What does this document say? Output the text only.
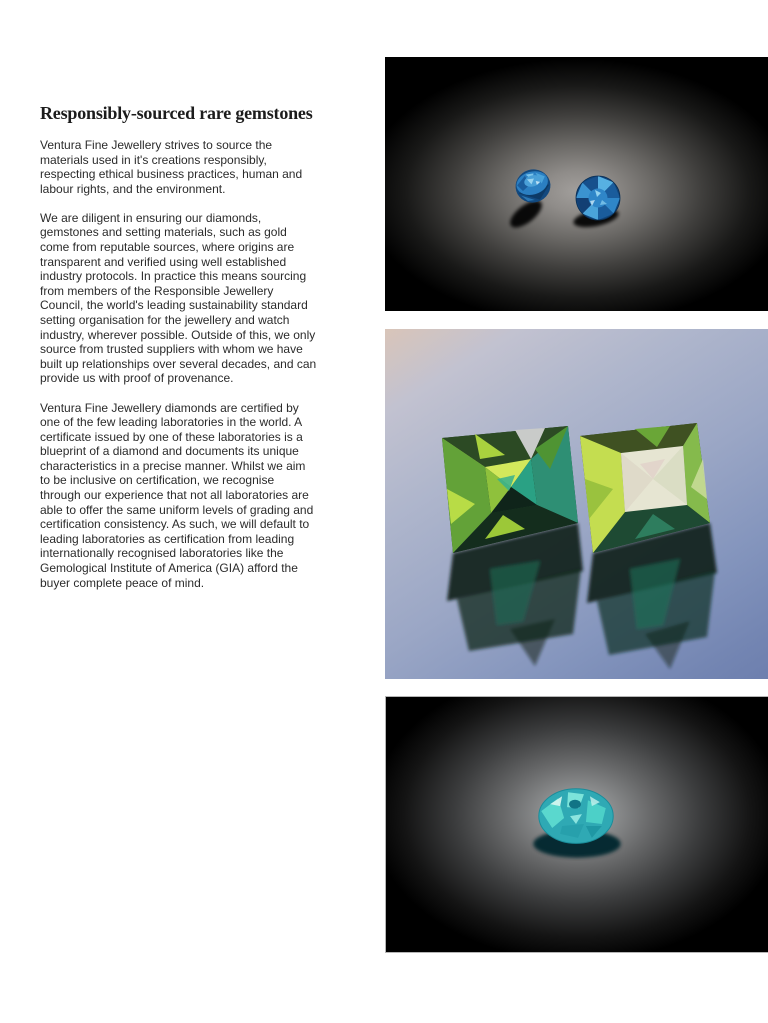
Responsibly-sourced rare gemstones

Ventura Fine Jewellery strives to source the materials used in it's creations responsibly, respecting ethical business practices, human and labour rights, and the environment.

We are diligent in ensuring our diamonds, gemstones and setting materials, such as gold come from reputable sources, where origins are transparent and verified using well established industry protocols. In practice this means sourcing from members of the Responsible Jewellery Council, the world's leading sustainability standard setting organisation for the jewellery and watch industry, wherever possible. Outside of this, we only source from trusted suppliers with whom we have built up relationships over several decades, and can provide us with proof of provenance.

Ventura Fine Jewellery diamonds are certified by one of the few leading laboratories in the world. A certificate issued by one of these laboratories is a blueprint of a diamond and documents its unique characteristics in a precise manner. Whilst we aim to be inclusive on certification, we recognise through our experience that not all laboratories are able to offer the same uniform levels of grading and certification consistency. As such, we will default to leading laboratories as certification from leading internationally recognised laboratories like the Gemological Institute of America (GIA) afford the buyer complete peace of mind.
